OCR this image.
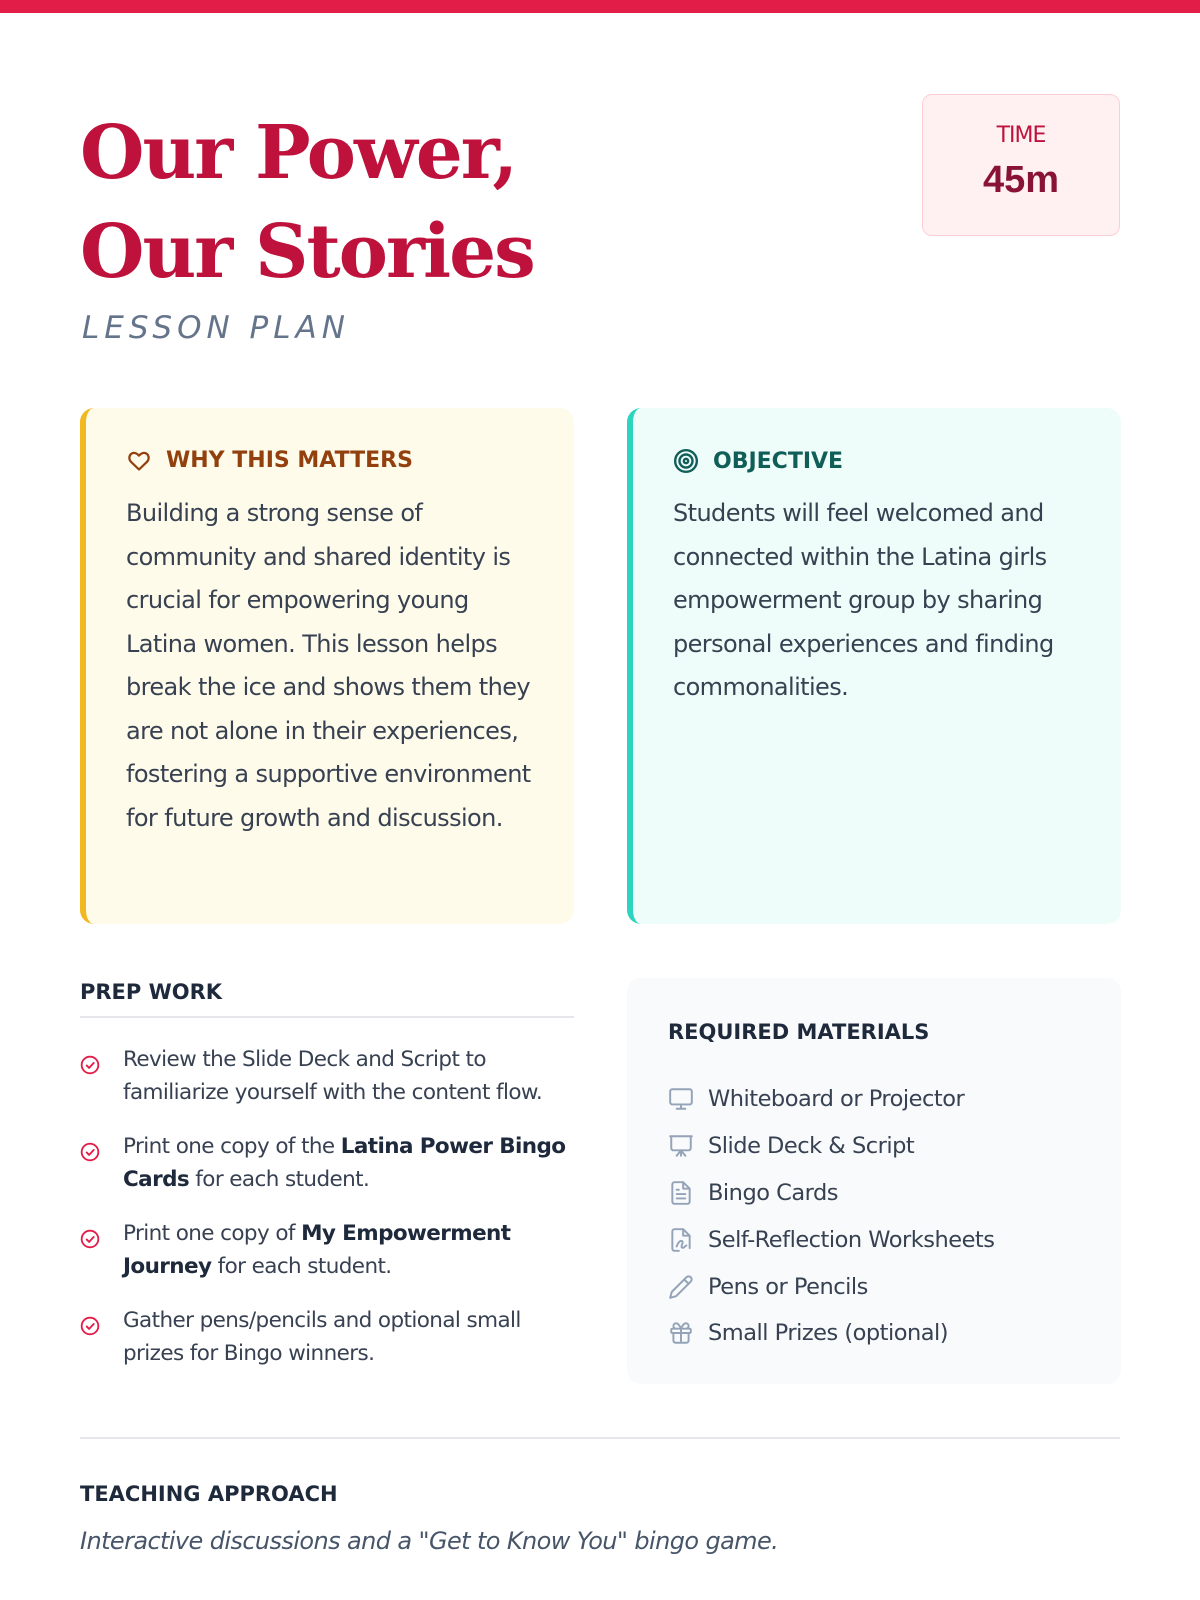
Our Power,
Our Stories
LESSON PLAN
TIME
45m
WHY THIS MATTERS
Building a strong sense of community and shared identity is crucial for empowering young Latina women. This lesson helps break the ice and shows them they are not alone in their experiences, fostering a supportive environment for future growth and discussion.
OBJECTIVE
Students will feel welcomed and connected within the Latina girls empowerment group by sharing personal experiences and finding commonalities.
PREP WORK
Review the Slide Deck and Script to familiarize yourself with the content flow.
Print one copy of the Latina Power Bingo Cards for each student.
Print one copy of My Empowerment Journey for each student.
Gather pens/pencils and optional small prizes for Bingo winners.
REQUIRED MATERIALS
Whiteboard or Projector
Slide Deck & Script
Bingo Cards
Self-Reflection Worksheets
Pens or Pencils
Small Prizes (optional)
TEACHING APPROACH
Interactive discussions and a "Get to Know You" bingo game.
